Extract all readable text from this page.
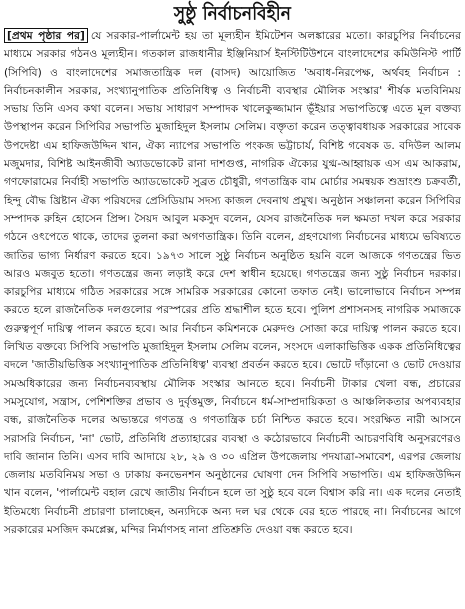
সুষ্ঠু নির্বাচনবিহীন

[প্রথম পৃষ্ঠার পর] যে সরকার-পার্লামেন্ট হয় তা মূল্যহীন ইমিটেশন অলঙ্কারের মতো। কারচুপির নির্বাচনের মাধ্যমে সরকার গঠনও মূল্যহীন। গতকাল রাজধানীর ইঞ্জিনিয়ার্স ইনস্টিটিউশনে বাংলাদেশের কমিউনিস্ট পার্টি (সিপিবি) ও বাংলাদেশের সমাজতান্ত্রিক দল (বাসদ) আয়োজিত 'অবাধ-নিরপেক্ষ, অর্থবহ নির্বাচন : নির্বাচনকালীন সরকার, সংখ্যানুপাতিক প্রতিনিধিত্ব ও নির্বাচনী ব্যবস্থার মৌলিক সংস্কার' শীর্ষক মতবিনিময় সভায় তিনি এসব কথা বলেন। সভায় সাধারণ সম্পাদক খালেকুজ্জামান ভূঁইয়ার সভাপতিত্বে এতে মূল বক্তব্য উপস্থাপন করেন সিপিবির সভাপতি মুজাহিদুল ইসলাম সেলিম। বক্তৃতা করেন তত্ত্বাবধায়ক সরকারের সাবেক উপদেষ্টা এম হাফিজউদ্দিন খান, ঐক্য ন্যাপের সভাপতি পংকজ ভট্টাচার্য, বিশিষ্ট গবেষক ড. বদিউল আলম মজুমদার, বিশিষ্ট আইনজীবী অ্যাডভোকেট রানা দাশগুপ্ত, নাগরিক ঐক্যের যুগ্ম-আহ্বায়ক এস এম আকরাম, গণফোরামের নির্বাহী সভাপতি অ্যাডভোকেট সুব্রত চৌধুরী, গণতান্ত্রিক বাম মোর্চার সমন্বয়ক শুভ্রাংশু চক্রবর্তী, হিন্দু বৌদ্ধ খ্রিষ্টান ঐক্য পরিষদের প্রেসিডিয়াম সদস্য কাজল দেবনাথ প্রমুখ। অনুষ্ঠান সঞ্চালনা করেন সিপিবির সম্পাদক রুহিন হোসেন প্রিন্স। সৈয়দ আবুল মকসুদ বলেন, যেসব রাজনৈতিক দল ক্ষমতা দখল করে সরকার গঠনে ওৎপেতে থাকে, তাদের তুলনা করা অগণতান্ত্রিক। তিনি বলেন, গ্রহণযোগ্য নির্বাচনের মাধ্যমে ভবিষ্যতে জাতির ভাগ্য নির্ধারণ করতে হবে। ১৯৭৩ সালে সুষ্ঠু নির্বাচন অনুষ্ঠিত হয়নি বলে আজকে গণতন্ত্রের ভিত আরও মজবুত হতো। গণতন্ত্রের জন্য লড়াই করে দেশ স্বাধীন হয়েছে। গণতন্ত্রের জন্য সুষ্ঠু নির্বাচন দরকার। কারচুপির মাধ্যমে গঠিত সরকারের সঙ্গে সামরিক সরকারের কোনো তফাত নেই। ভালোভাবে নির্বাচন সম্পন্ন করতে হলে রাজনৈতিক দলগুলোর পরস্পরের প্রতি শ্রদ্ধাশীল হতে হবে। পুলিশ প্রশাসনসহ নাগরিক সমাজকে গুরুত্বপূর্ণ দায়িত্ব পালন করতে হবে। আর নির্বাচন কমিশনকে মেরুদণ্ড সোজা করে দায়িত্ব পালন করতে হবে। লিখিত বক্তব্যে সিপিবি সভাপতি মুজাহিদুল ইসলাম সেলিম বলেন, সংসদে এলাকাভিত্তিক একক প্রতিনিধিত্বের বদলে 'জাতীয়ভিত্তিক সংখ্যানুপাতিক প্রতিনিধিত্ব' ব্যবস্থা প্রবর্তন করতে হবে। ভোটে দাঁড়ানো ও ভোট দেওয়ার সমঅধিকারের জন্য নির্বাচনব্যবস্থায় মৌলিক সংস্কার আনতে হবে। নির্বাচনী টাকার খেলা বন্ধ, প্রচারের সমসুযোগ, সন্ত্রাস, পেশিশক্তির প্রভাব ও দুর্বৃত্তমুক্ত, নির্বাচনে ধর্ম-সাম্প্রদায়িকতা ও আঞ্চলিকতার অপব্যবহার বন্ধ, রাজনৈতিক দলের অভ্যন্তরে গণতন্ত্র ও গণতান্ত্রিক চর্চা নিশ্চিত করতে হবে। সংরক্ষিত নারী আসনে সরাসরি নির্বাচন, 'না' ভোট, প্রতিনিধি প্রত্যাহারের ব্যবস্থা ও কঠোরভাবে নির্বাচনী আচরণবিধি অনুসরণেরও দাবি জানান তিনি। এসব দাবি আদায়ে ২৮, ২৯ ও ৩০ এপ্রিল উপজেলায় পদযাত্রা-সমাবেশ, এরপর জেলায় জেলায় মতবিনিময় সভা ও ঢাকায় কনভেনশন অনুষ্ঠানের ঘোষণা দেন সিপিবি সভাপতি। এম হাফিজউদ্দিন খান বলেন, 'পার্লামেন্ট বহাল রেখে জাতীয় নির্বাচন হলে তা সুষ্ঠু হবে বলে বিশ্বাস করি না। এক দলের নেতাই ইতিমধ্যে নির্বাচনী প্রচারণা চালাচ্ছেন, অন্যদিকে অন্য দল ঘর থেকে বের হতে পারছে না। নির্বাচনের আগে সরকারের মসজিদ কমপ্লেক্স, মন্দির নির্মাণসহ নানা প্রতিশ্রুতি দেওয়া বন্ধ করতে হবে।
